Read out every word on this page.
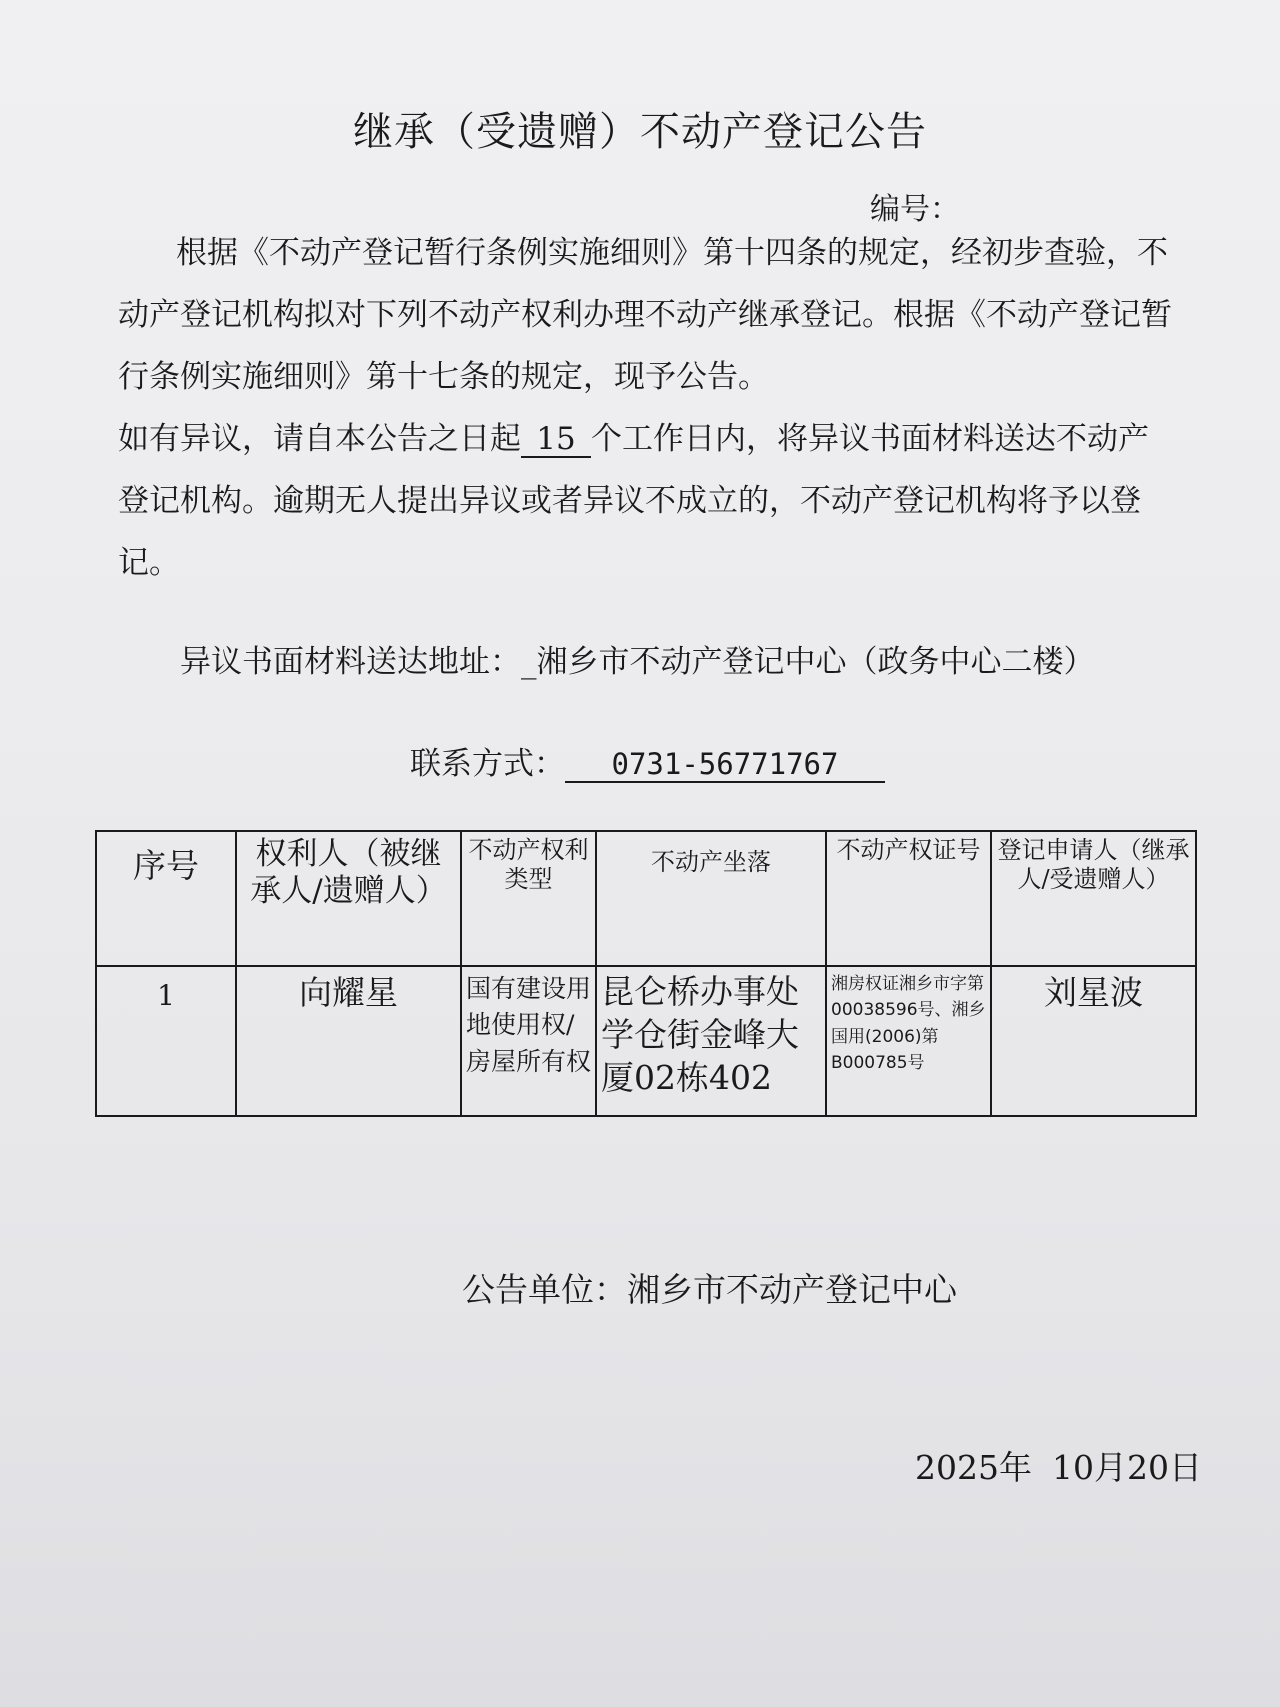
继承（受遗赠）不动产登记公告
编号：

根据《不动产登记暂行条例实施细则》第十四条的规定，经初步查验，不动产登记机构拟对下列不动产权利办理不动产继承登记。根据《不动产登记暂行条例实施细则》第十七条的规定，现予公告。

如有异议，请自本公告之日起 15 个工作日内，将异议书面材料送达不动产登记机构。逾期无人提出异议或者异议不成立的，不动产登记机构将予以登记。

异议书面材料送达地址：_湘乡市不动产登记中心（政务中心二楼）
联系方式： 0731-56771767
序号	权利人（被继承人/遗赠人）	不动产权利类型	不动产坐落	不动产权证号	登记申请人（继承人/受遗赠人）
1	向耀星	国有建设用地使用权/房屋所有权	昆仑桥办事处学仓街金峰大厦02栋402	湘房权证湘乡市字第00038596号、湘乡国用(2006)第B000785号	刘星波
公告单位：湘乡市不动产登记中心
2025年 10月20日
